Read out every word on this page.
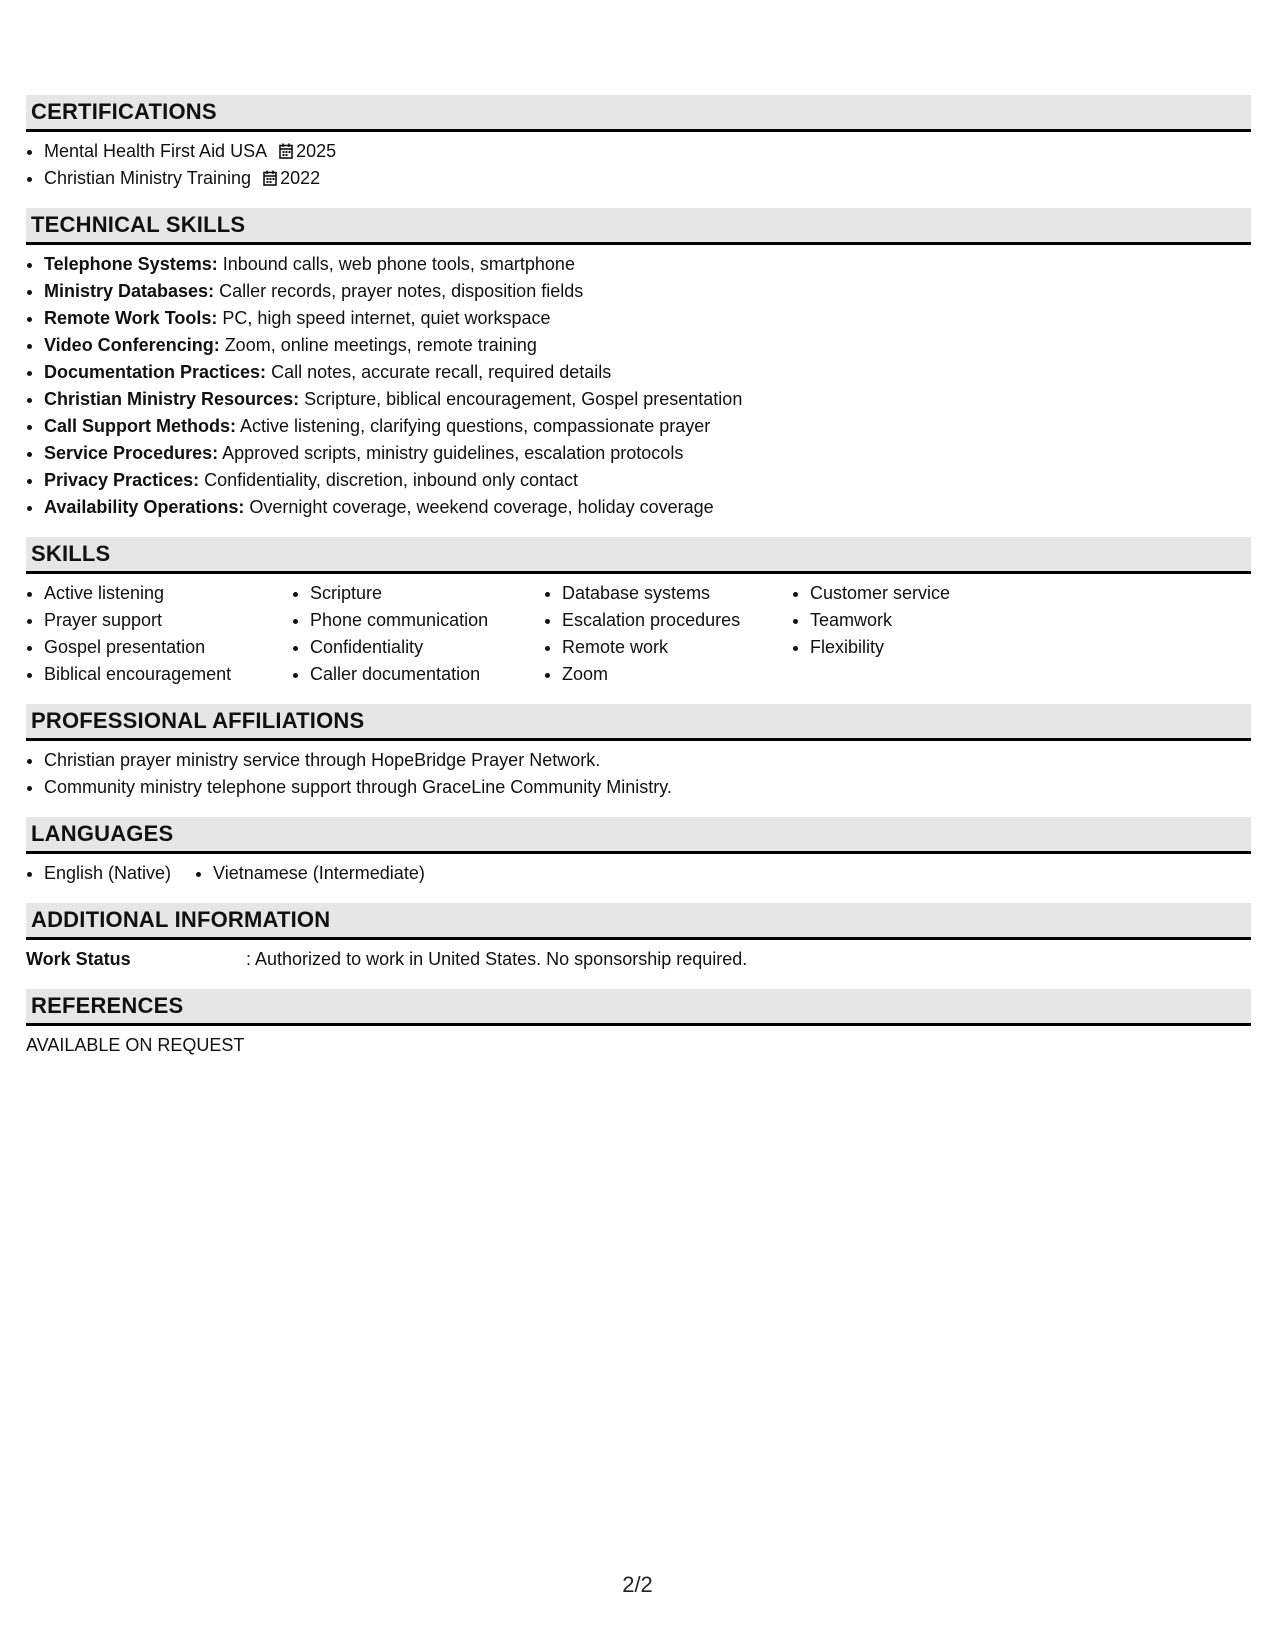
CERTIFICATIONS
• Mental Health First Aid USA 2025
• Christian Ministry Training 2022
TECHNICAL SKILLS
• Telephone Systems: Inbound calls, web phone tools, smartphone
• Ministry Databases: Caller records, prayer notes, disposition fields
• Remote Work Tools: PC, high speed internet, quiet workspace
• Video Conferencing: Zoom, online meetings, remote training
• Documentation Practices: Call notes, accurate recall, required details
• Christian Ministry Resources: Scripture, biblical encouragement, Gospel presentation
• Call Support Methods: Active listening, clarifying questions, compassionate prayer
• Service Procedures: Approved scripts, ministry guidelines, escalation protocols
• Privacy Practices: Confidentiality, discretion, inbound only contact
• Availability Operations: Overnight coverage, weekend coverage, holiday coverage
SKILLS
• Active listening
• Prayer support
• Gospel presentation
• Biblical encouragement
• Scripture
• Phone communication
• Confidentiality
• Caller documentation
• Database systems
• Escalation procedures
• Remote work
• Zoom
• Customer service
• Teamwork
• Flexibility
PROFESSIONAL AFFILIATIONS
• Christian prayer ministry service through HopeBridge Prayer Network.
• Community ministry telephone support through GraceLine Community Ministry.
LANGUAGES
• English (Native)
• Vietnamese (Intermediate)
ADDITIONAL INFORMATION
Work Status	: Authorized to work in United States. No sponsorship required.
REFERENCES
AVAILABLE ON REQUEST
2/2
